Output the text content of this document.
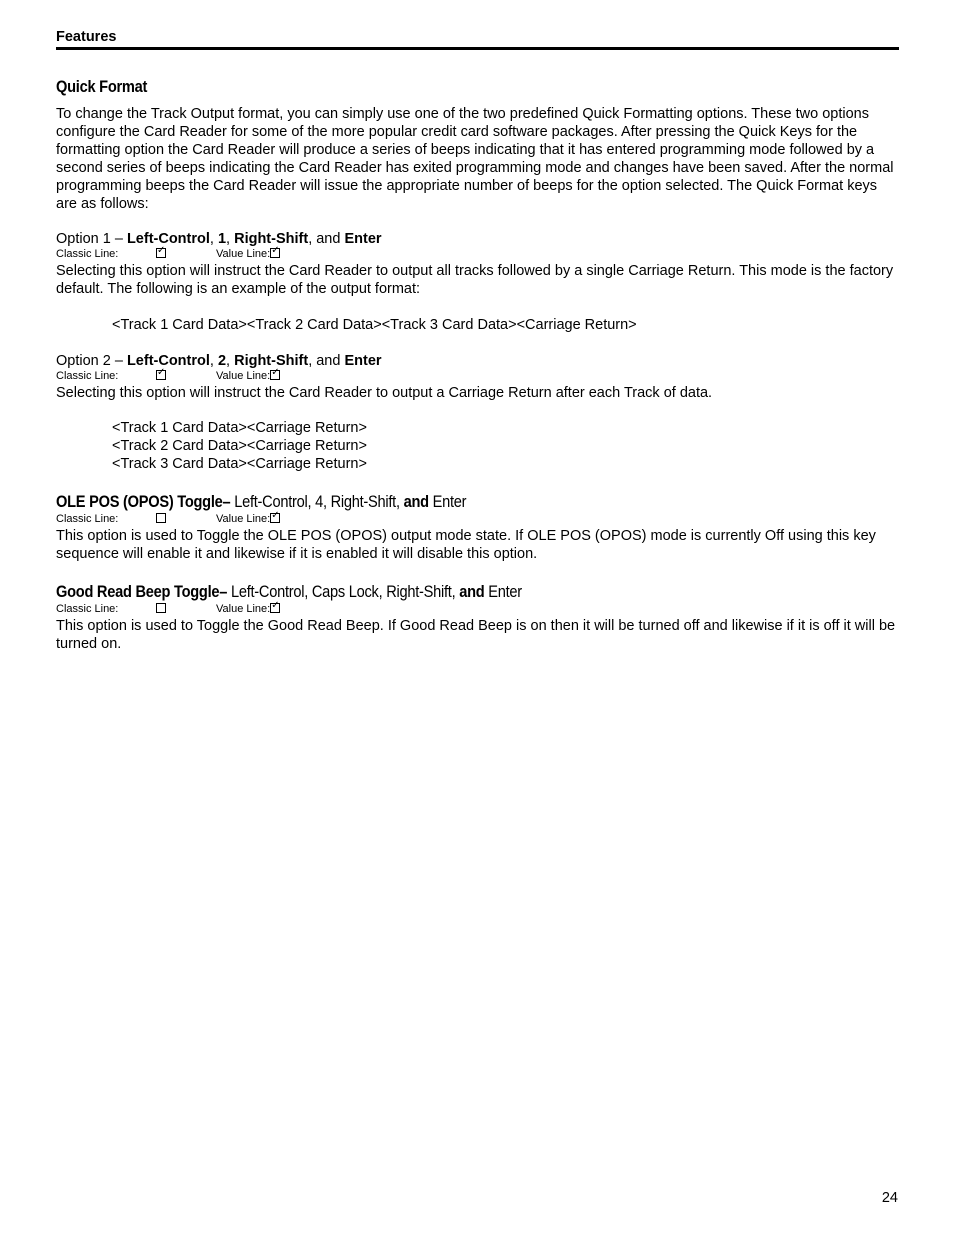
Features
Quick Format
To change the Track Output format, you can simply use one of the two predefined Quick Formatting options. These two options configure the Card Reader for some of the more popular credit card software packages. After pressing the Quick Keys for the formatting option the Card Reader will produce a series of beeps indicating that it has entered programming mode followed by a second series of beeps indicating the Card Reader has exited programming mode and changes have been saved. After the normal programming beeps the Card Reader will issue the appropriate number of beeps for the option selected. The Quick Format keys are as follows:
Option 1 – Left-Control, 1, Right-Shift, and Enter
Classic Line: ✓	Value Line:✓
Selecting this option will instruct the Card Reader to output all tracks followed by a single Carriage Return. This mode is the factory default. The following is an example of the output format:
<Track 1 Card Data><Track 2 Card Data><Track 3 Card Data><Carriage Return>
Option 2 – Left-Control, 2, Right-Shift, and Enter
Classic Line: ✓	Value Line:✓
Selecting this option will instruct the Card Reader to output a Carriage Return after each Track of data.
<Track 1 Card Data><Carriage Return>
<Track 2 Card Data><Carriage Return>
<Track 3 Card Data><Carriage Return>
OLE POS (OPOS) Toggle– Left-Control, 4, Right-Shift, and Enter
Classic Line:	Value Line:✓
This option is used to Toggle the OLE POS (OPOS) output mode state. If OLE POS (OPOS) mode is currently Off using this key sequence will enable it and likewise if it is enabled it will disable this option.
Good Read Beep Toggle– Left-Control, Caps Lock, Right-Shift, and Enter
Classic Line:	Value Line:✓
This option is used to Toggle the Good Read Beep. If Good Read Beep is on then it will be turned off and likewise if it is off it will be turned on.
24
